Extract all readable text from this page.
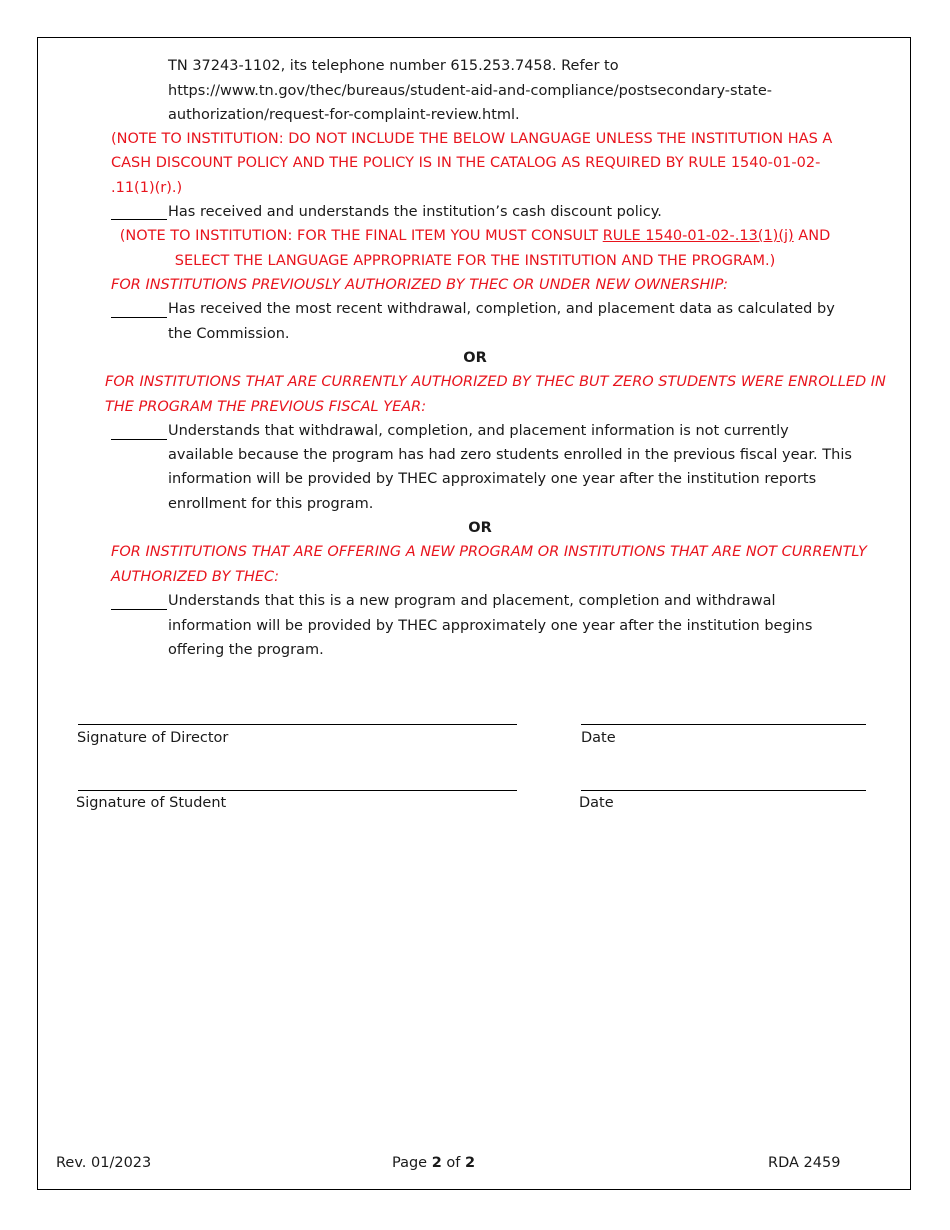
TN 37243-1102, its telephone number 615.253.7458. Refer to
https://www.tn.gov/thec/bureaus/student-aid-and-compliance/postsecondary-state-
authorization/request-for-complaint-review.html.
(NOTE TO INSTITUTION: DO NOT INCLUDE THE BELOW LANGUAGE UNLESS THE INSTITUTION HAS A
CASH DISCOUNT POLICY AND THE POLICY IS IN THE CATALOG AS REQUIRED BY RULE 1540-01-02-
.11(1)(r).)
Has received and understands the institution’s cash discount policy.
(NOTE TO INSTITUTION: FOR THE FINAL ITEM YOU MUST CONSULT RULE 1540-01-02-.13(1)(j) AND
SELECT THE LANGUAGE APPROPRIATE FOR THE INSTITUTION AND THE PROGRAM.)
FOR INSTITUTIONS PREVIOUSLY AUTHORIZED BY THEC OR UNDER NEW OWNERSHIP:
Has received the most recent withdrawal, completion, and placement data as calculated by
the Commission.
OR
FOR INSTITUTIONS THAT ARE CURRENTLY AUTHORIZED BY THEC BUT ZERO STUDENTS WERE ENROLLED IN
THE PROGRAM THE PREVIOUS FISCAL YEAR:
Understands that withdrawal, completion, and placement information is not currently
available because the program has had zero students enrolled in the previous fiscal year. This
information will be provided by THEC approximately one year after the institution reports
enrollment for this program.
OR
FOR INSTITUTIONS THAT ARE OFFERING A NEW PROGRAM OR INSTITUTIONS THAT ARE NOT CURRENTLY
AUTHORIZED BY THEC:
Understands that this is a new program and placement, completion and withdrawal
information will be provided by THEC approximately one year after the institution begins
offering the program.
Signature of Director	Date
Signature of Student	Date
Rev. 01/2023	Page 2 of 2	RDA 2459
